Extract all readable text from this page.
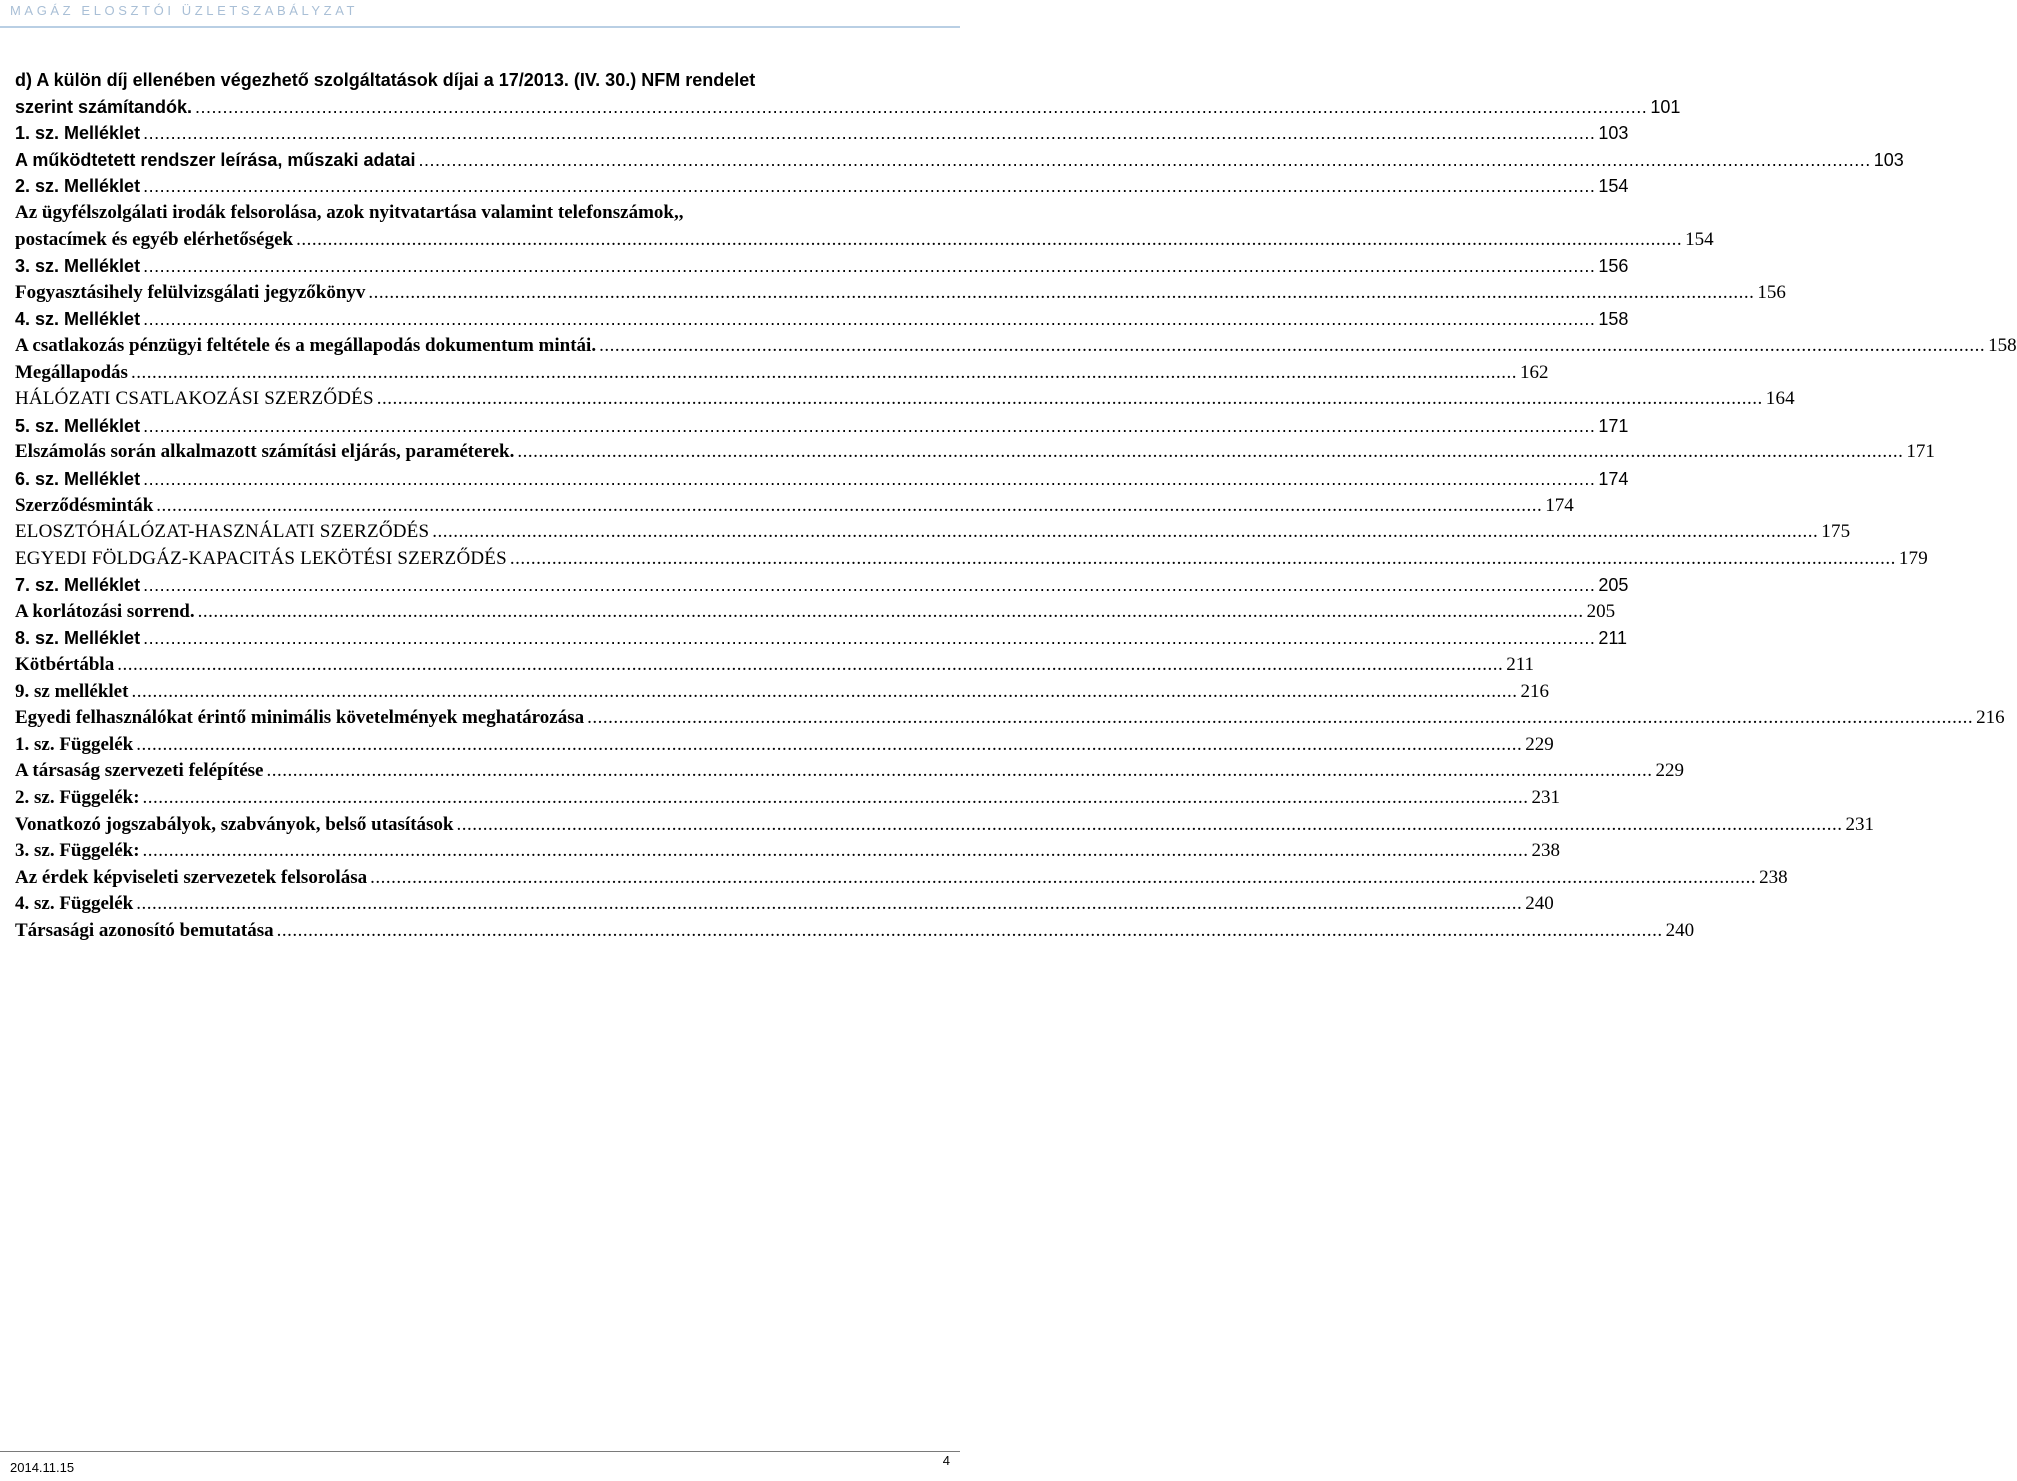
MAGÁZ ELOSZTÓI ÜZLETSZABÁLYZAT
d) A külön díj ellenében végezhető szolgáltatások díjai a 17/2013. (IV. 30.) NFM rendelet
szerint számítandók. .....	101
1. sz. Melléklet .....	103
A működtetett rendszer leírása, műszaki adatai .....	103
2. sz. Melléklet .....	154
Az ügyfélszolgálati irodák felsorolása, azok nyitvatartása valamint telefonszámok,,
postacímek és egyéb elérhetőségek .....	154
3. sz. Melléklet .....	156
Fogyasztásihely felülvizsgálati jegyzőkönyv .....	156
4. sz. Melléklet .....	158
A csatlakozás pénzügyi feltétele és a megállapodás dokumentum mintái. .....	158
Megállapodás .....	162
HÁLÓZATI CSATLAKOZÁSI SZERZŐDÉS .....	164
5. sz. Melléklet .....	171
Elszámolás során alkalmazott számítási eljárás, paraméterek. .....	171
6. sz. Melléklet .....	174
Szerződésminták .....	174
ELOSZTÓHÁLÓZAT-HASZNÁLATI SZERZŐDÉS .....	175
EGYEDI FÖLDGÁZ-KAPACITÁS LEKÖTÉSI SZERZŐDÉS .....	179
7. sz. Melléklet .....	205
A korlátozási sorrend. .....	205
8. sz. Melléklet .....	211
Kötbértábla .....	211
9. sz melléklet .....	216
Egyedi felhasználókat érintő minimális követelmények meghatározása .....	216
1. sz. Függelék .....	229
A társaság szervezeti felépítése .....	229
2. sz. Függelék: .....	231
Vonatkozó jogszabályok, szabványok, belső utasítások .....	231
3. sz. Függelék: .....	238
Az érdek képviseleti szervezetek felsorolása .....	238
4. sz. Függelék .....	240
Társasági azonosító bemutatása .....	240
2014.11.15	4
